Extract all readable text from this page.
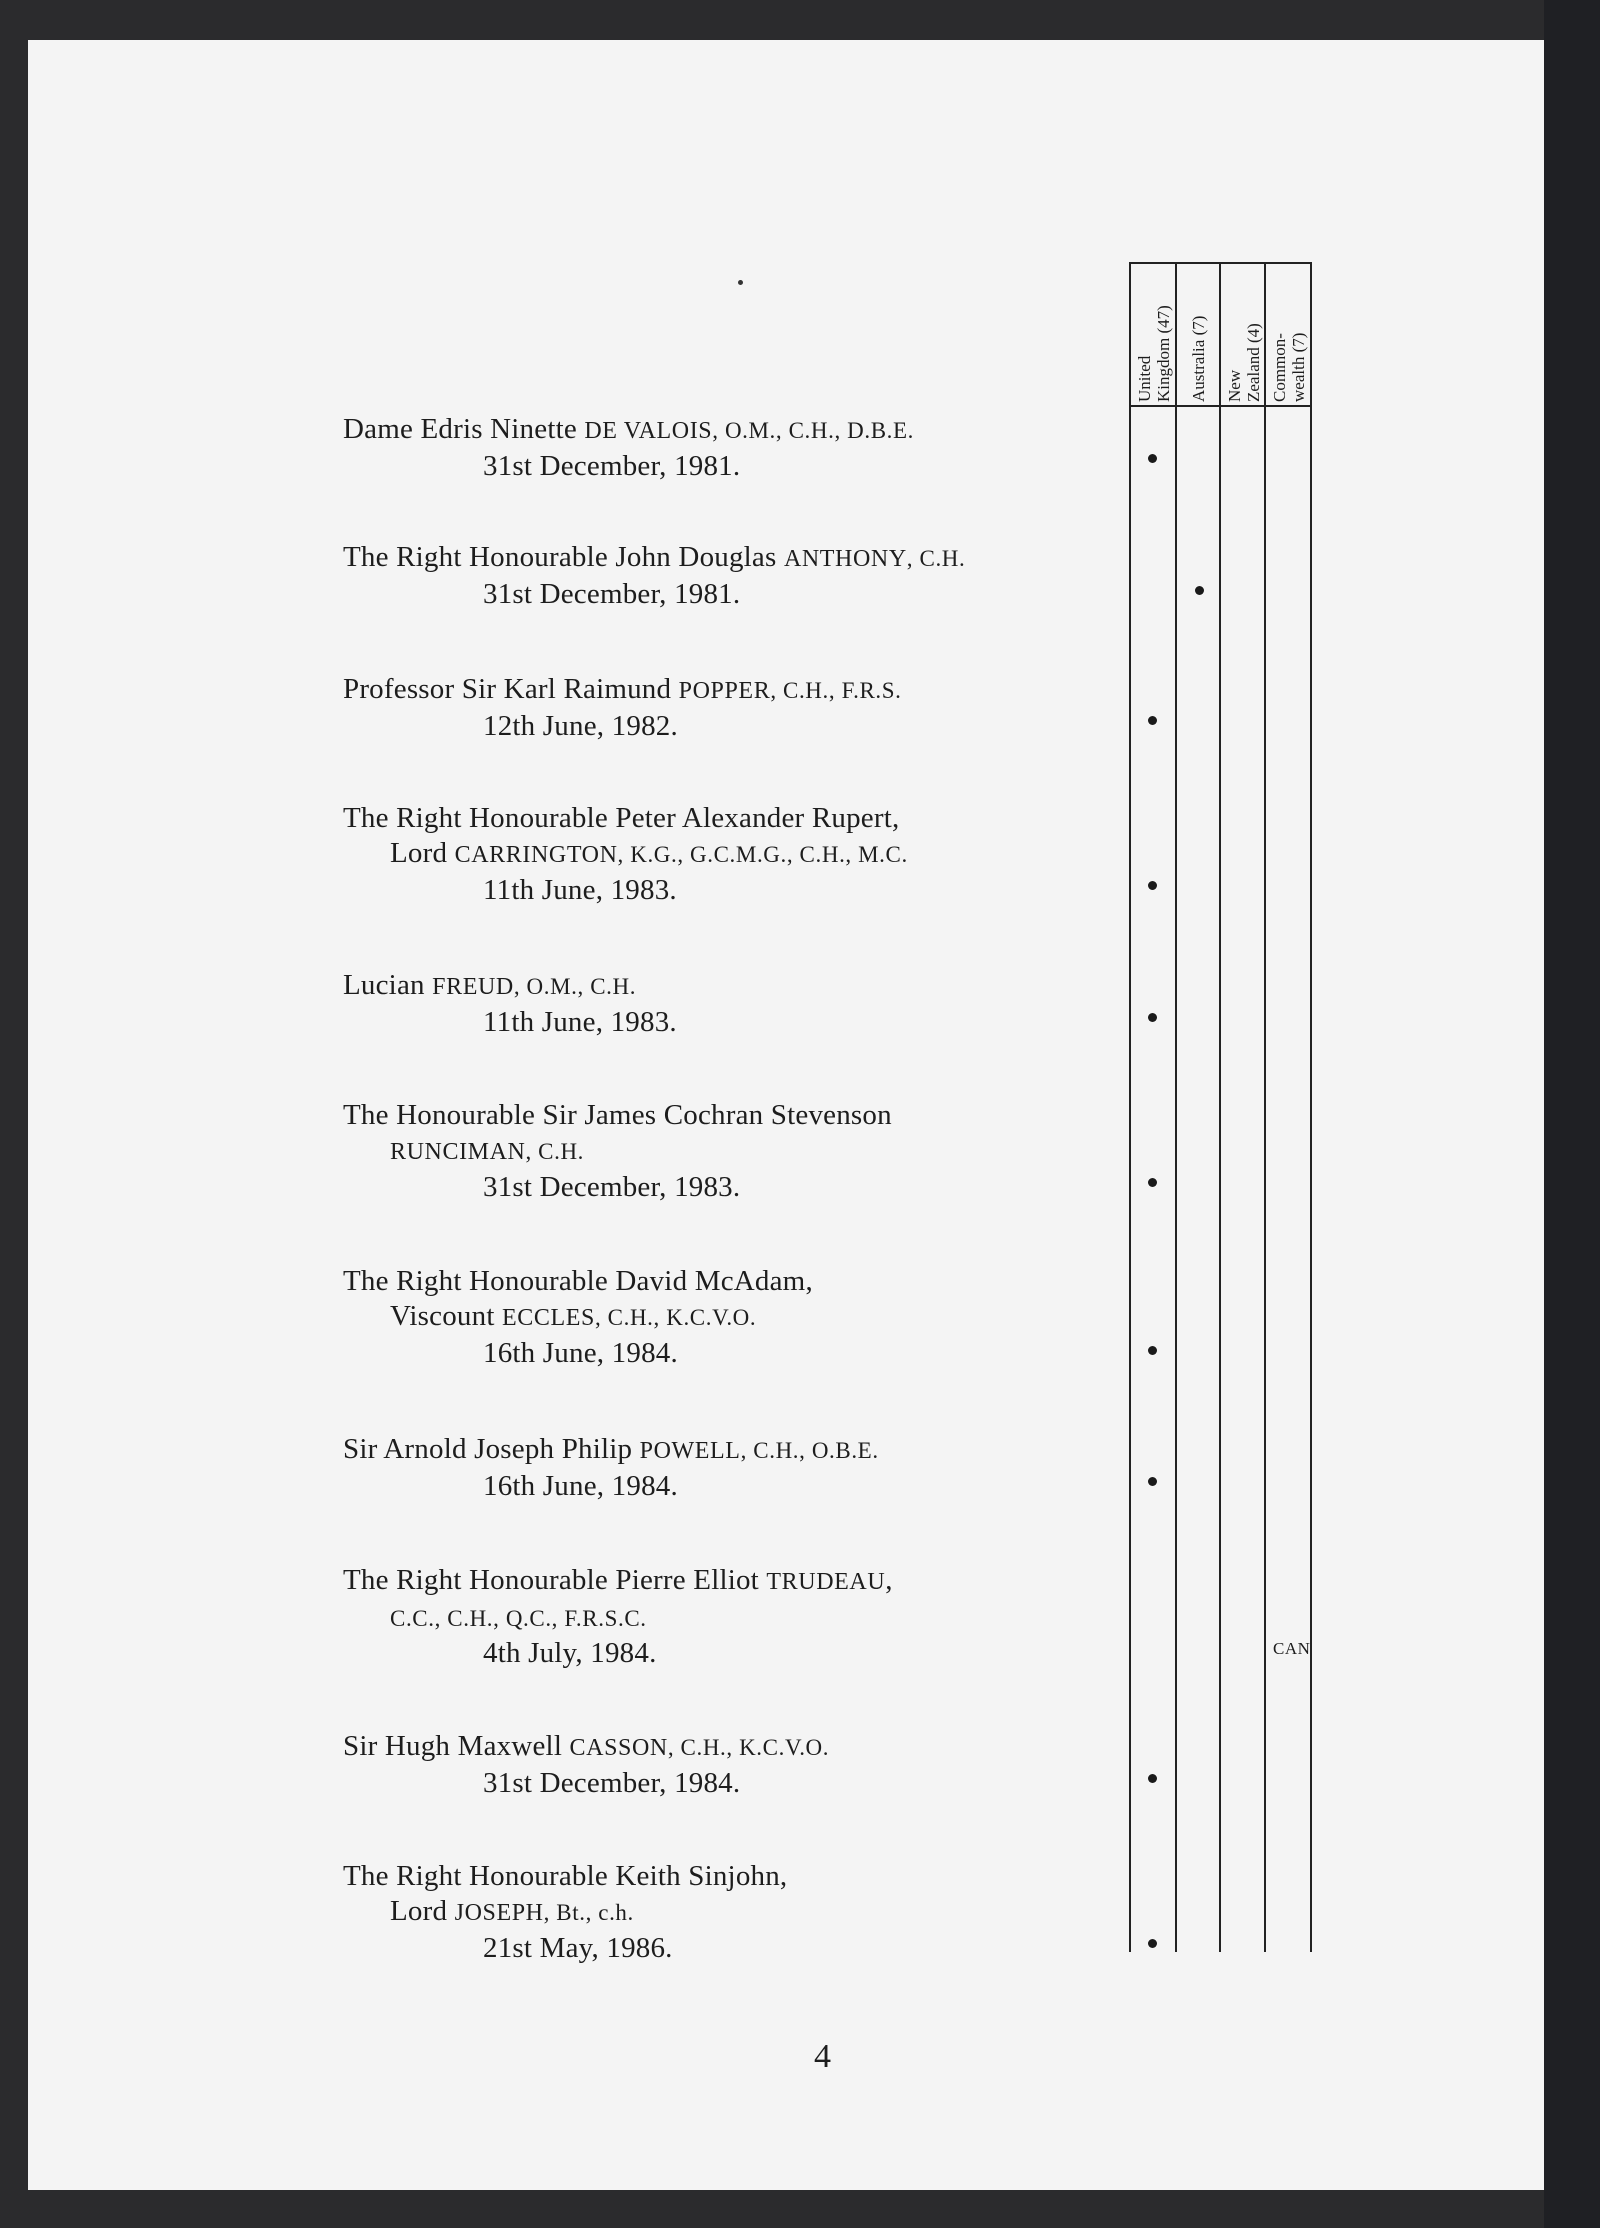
Dame Edris Ninette DE VALOIS, O.M., C.H., D.B.E.
31st December, 1981.
The Right Honourable John Douglas ANTHONY, C.H.
31st December, 1981.
Professor Sir Karl Raimund POPPER, C.H., F.R.S.
12th June, 1982.
The Right Honourable Peter Alexander Rupert,
Lord CARRINGTON, K.G., G.C.M.G., C.H., M.C.
11th June, 1983.
Lucian FREUD, O.M., C.H.
11th June, 1983.
The Honourable Sir James Cochran Stevenson
RUNCIMAN, C.H.
31st December, 1983.
The Right Honourable David McAdam,
Viscount ECCLES, C.H., K.C.V.O.
16th June, 1984.
Sir Arnold Joseph Philip POWELL, C.H., O.B.E.
16th June, 1984.
The Right Honourable Pierre Elliot TRUDEAU,
C.C., C.H., Q.C., F.R.S.C.
4th July, 1984.
Sir Hugh Maxwell CASSON, C.H., K.C.V.O.
31st December, 1984.
The Right Honourable Keith Sinjohn,
Lord JOSEPH, Bt., c.h.
21st May, 1986.
United
Kingdom (47) Australia (7) New
Zealand (4) Common-
wealth (7)
CAN
4
